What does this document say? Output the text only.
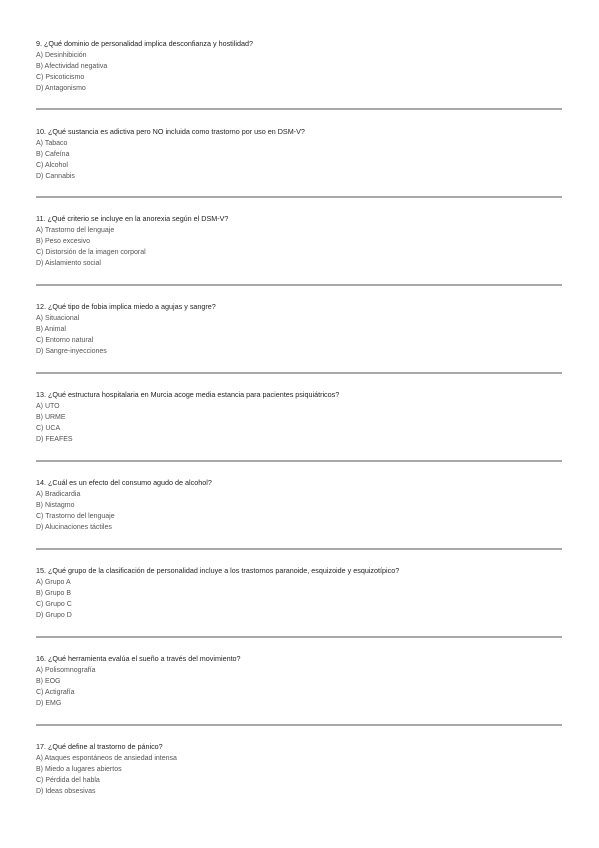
9. ¿Qué dominio de personalidad implica desconfianza y hostilidad?

A) Desinhibición

B) Afectividad negativa

C) Psicoticismo

D) Antagonismo

10. ¿Qué sustancia es adictiva pero NO incluida como trastorno por uso en DSM-V?

A) Tabaco

B) Cafeína

C) Alcohol

D) Cannabis

11. ¿Qué criterio se incluye en la anorexia según el DSM-V?

A) Trastorno del lenguaje

B) Peso excesivo

C) Distorsión de la imagen corporal

D) Aislamiento social

12. ¿Qué tipo de fobia implica miedo a agujas y sangre?

A) Situacional

B) Animal

C) Entorno natural

D) Sangre-inyecciones

13. ¿Qué estructura hospitalaria en Murcia acoge media estancia para pacientes psiquiátricos?

A) UTO

B) URME

C) UCA

D) FEAFES

14. ¿Cuál es un efecto del consumo agudo de alcohol?

A) Bradicardia

B) Nistagmo

C) Trastorno del lenguaje

D) Alucinaciones táctiles

15. ¿Qué grupo de la clasificación de personalidad incluye a los trastornos paranoide, esquizoide y esquizotípico?

A) Grupo A

B) Grupo B

C) Grupo C

D) Grupo D

16. ¿Qué herramienta evalúa el sueño a través del movimiento?

A) Polisomnografía

B) EOG

C) Actigrafía

D) EMG

17. ¿Qué define al trastorno de pánico?

A) Ataques espontáneos de ansiedad intensa

B) Miedo a lugares abiertos

C) Pérdida del habla

D) Ideas obsesivas
